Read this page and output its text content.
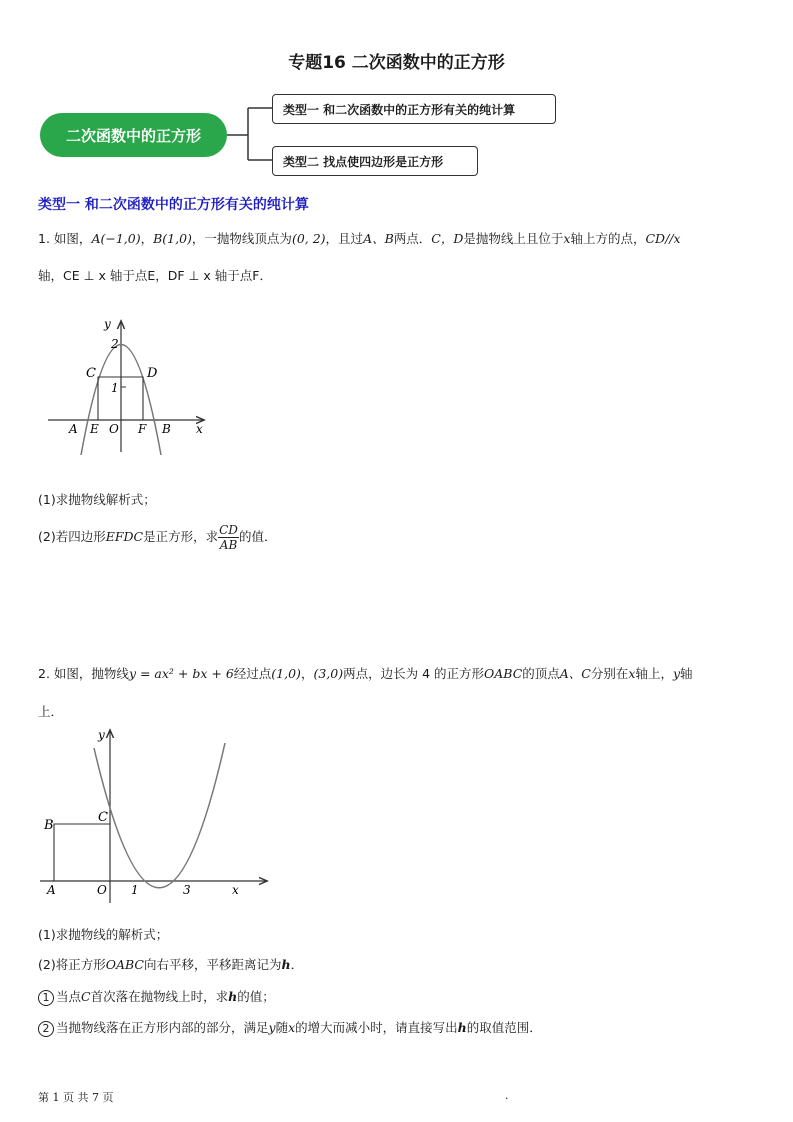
专题16 二次函数中的正方形
二次函数中的正方形
类型一 和二次函数中的正方形有关的纯计算
类型二 找点使四边形是正方形
类型一 和二次函数中的正方形有关的纯计算
1. 如图，A(−1,0)，B(1,0)，一抛物线顶点为(0, 2)，且过A、B两点．C，D是抛物线上且位于x轴上方的点，CD//x
轴，CE ⊥ x 轴于点E，DF ⊥ x 轴于点F．
y
2
1
C	D
A E O F B x
(1)求抛物线解析式；
(2)若四边形 EFDC 是正方形，求 $\frac{CD}{AB}$ 的值．
2. 如图，抛物线y = ax² + bx + 6经过点(1,0)，(3,0)两点，边长为 4 的正方形OABC的顶点A、C分别在x轴上，y轴
上．
y
B
C
A	O 1	3	x
(1)求抛物线的解析式；
(2)将正方形OABC向右平移，平移距离记为h．
1 当点C首次落在抛物线上时，求h的值；
2 当抛物线落在正方形内部的部分，满足y随x的增大而减小时，请直接写出h的取值范围．
第 1 页 共 7 页	.
